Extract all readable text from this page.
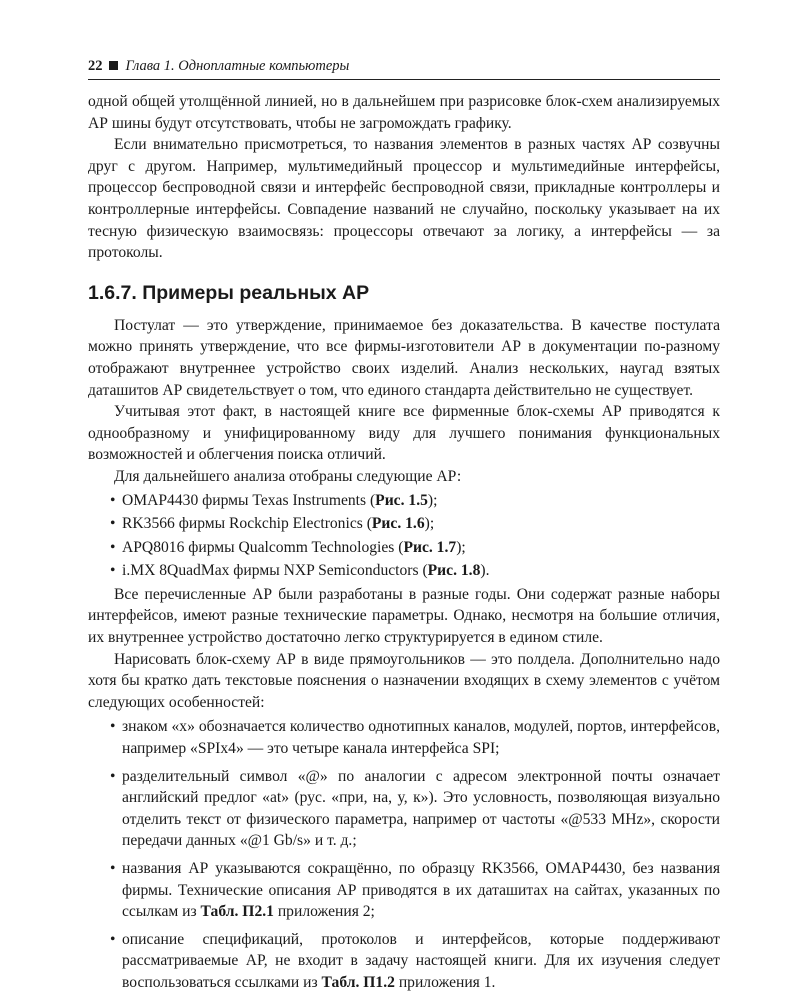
22 Глава 1. Одноплатные компьютеры

одной общей утолщённой линией, но в дальнейшем при разрисовке блок-схем анализируемых АР шины будут отсутствовать, чтобы не загромождать графику.

Если внимательно присмотреться, то названия элементов в разных частях АР созвучны друг с другом. Например, мультимедийный процессор и мультимедийные интерфейсы, процессор беспроводной связи и интерфейс беспроводной связи, прикладные контроллеры и контроллерные интерфейсы. Совпадение названий не случайно, поскольку указывает на их тесную физическую взаимосвязь: процессоры отвечают за логику, а интерфейсы — за протоколы.

1.6.7. Примеры реальных АР

Постулат — это утверждение, принимаемое без доказательства. В качестве постулата можно принять утверждение, что все фирмы-изготовители АР в документации по-разному отображают внутреннее устройство своих изделий. Анализ нескольких, наугад взятых даташитов АР свидетельствует о том, что единого стандарта действительно не существует.

Учитывая этот факт, в настоящей книге все фирменные блок-схемы АР приводятся к однообразному и унифицированному виду для лучшего понимания функциональных возможностей и облегчения поиска отличий.

Для дальнейшего анализа отобраны следующие АР:

• OMAP4430 фирмы Texas Instruments (Рис. 1.5);
• RK3566 фирмы Rockchip Electronics (Рис. 1.6);
• APQ8016 фирмы Qualcomm Technologies (Рис. 1.7);
• i.MX 8QuadMax фирмы NXP Semiconductors (Рис. 1.8).

Все перечисленные АР были разработаны в разные годы. Они содержат разные наборы интерфейсов, имеют разные технические параметры. Однако, несмотря на большие отличия, их внутреннее устройство достаточно легко структурируется в едином стиле.

Нарисовать блок-схему АР в виде прямоугольников — это полдела. Дополнительно надо хотя бы кратко дать текстовые пояснения о назначении входящих в схему элементов с учётом следующих особенностей:

• знаком «x» обозначается количество однотипных каналов, модулей, портов, интерфейсов, например «SPIx4» — это четыре канала интерфейса SPI;
• разделительный символ «@» по аналогии с адресом электронной почты означает английский предлог «at» (рус. «при, на, у, к»). Это условность, позволяющая визуально отделить текст от физического параметра, например от частоты «@533 MHz», скорости передачи данных «@1 Gb/s» и т. д.;
• названия АР указываются сокращённо, по образцу RK3566, OMAP4430, без названия фирмы. Технические описания АР приводятся в их даташитах на сайтах, указанных по ссылкам из Табл. П2.1 приложения 2;
• описание спецификаций, протоколов и интерфейсов, которые поддерживают рассматриваемые АР, не входит в задачу настоящей книги. Для их изучения следует воспользоваться ссылками из Табл. П1.2 приложения 1.
